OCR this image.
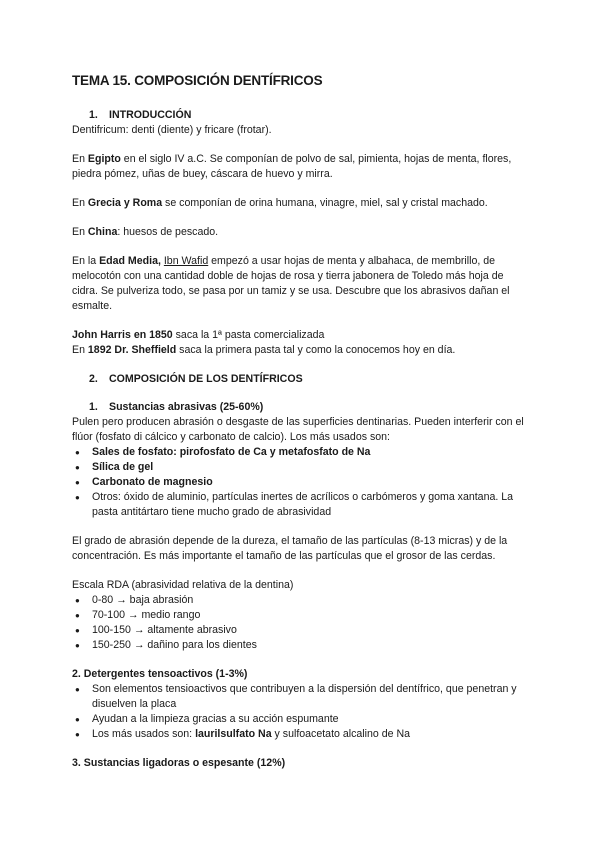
TEMA 15. COMPOSICIÓN DENTÍFRICOS
1. INTRODUCCIÓN

Dentifricum: denti (diente) y fricare (frotar).

En Egipto en el siglo IV a.C. Se componían de polvo de sal, pimienta, hojas de menta, flores, piedra pómez, uñas de buey, cáscara de huevo y mirra.

En Grecia y Roma se componían de orina humana, vinagre, miel, sal y cristal machado.

En China: huesos de pescado.

En la Edad Media, Ibn Wafid empezó a usar hojas de menta y albahaca, de membrillo, de melocotón con una cantidad doble de hojas de rosa y tierra jabonera de Toledo más hoja de cidra. Se pulveriza todo, se pasa por un tamiz y se usa. Descubre que los abrasivos dañan el esmalte.

John Harris en 1850 saca la 1ª pasta comercializada

En 1892 Dr. Sheffield saca la primera pasta tal y como la conocemos hoy en día.

2. COMPOSICIÓN DE LOS DENTÍFRICOS
1. Sustancias abrasivas (25-60%)

Pulen pero producen abrasión o desgaste de las superficies dentinarias. Pueden interferir con el flúor (fosfato di cálcico y carbonato de calcio). Los más usados son:

● Sales de fosfato: pirofosfato de Ca y metafosfato de Na
● Sílica de gel
● Carbonato de magnesio
● Otros: óxido de aluminio, partículas inertes de acrílicos o carbómeros y goma xantana. La pasta antitártaro tiene mucho grado de abrasividad

El grado de abrasión depende de la dureza, el tamaño de las partículas (8-13 micras) y de la concentración. Es más importante el tamaño de las partículas que el grosor de las cerdas.

Escala RDA (abrasividad relativa de la dentina)

● 0-80 → baja abrasión
● 70-100 → medio rango
● 100-150 → altamente abrasivo
● 150-250 → dañino para los dientes

2. Detergentes tensoactivos (1-3%)

● Son elementos tensioactivos que contribuyen a la dispersión del dentífrico, que penetran y disuelven la placa
● Ayudan a la limpieza gracias a su acción espumante
● Los más usados son: laurilsulfato Na y sulfoacetato alcalino de Na

3. Sustancias ligadoras o espesante (12%)
